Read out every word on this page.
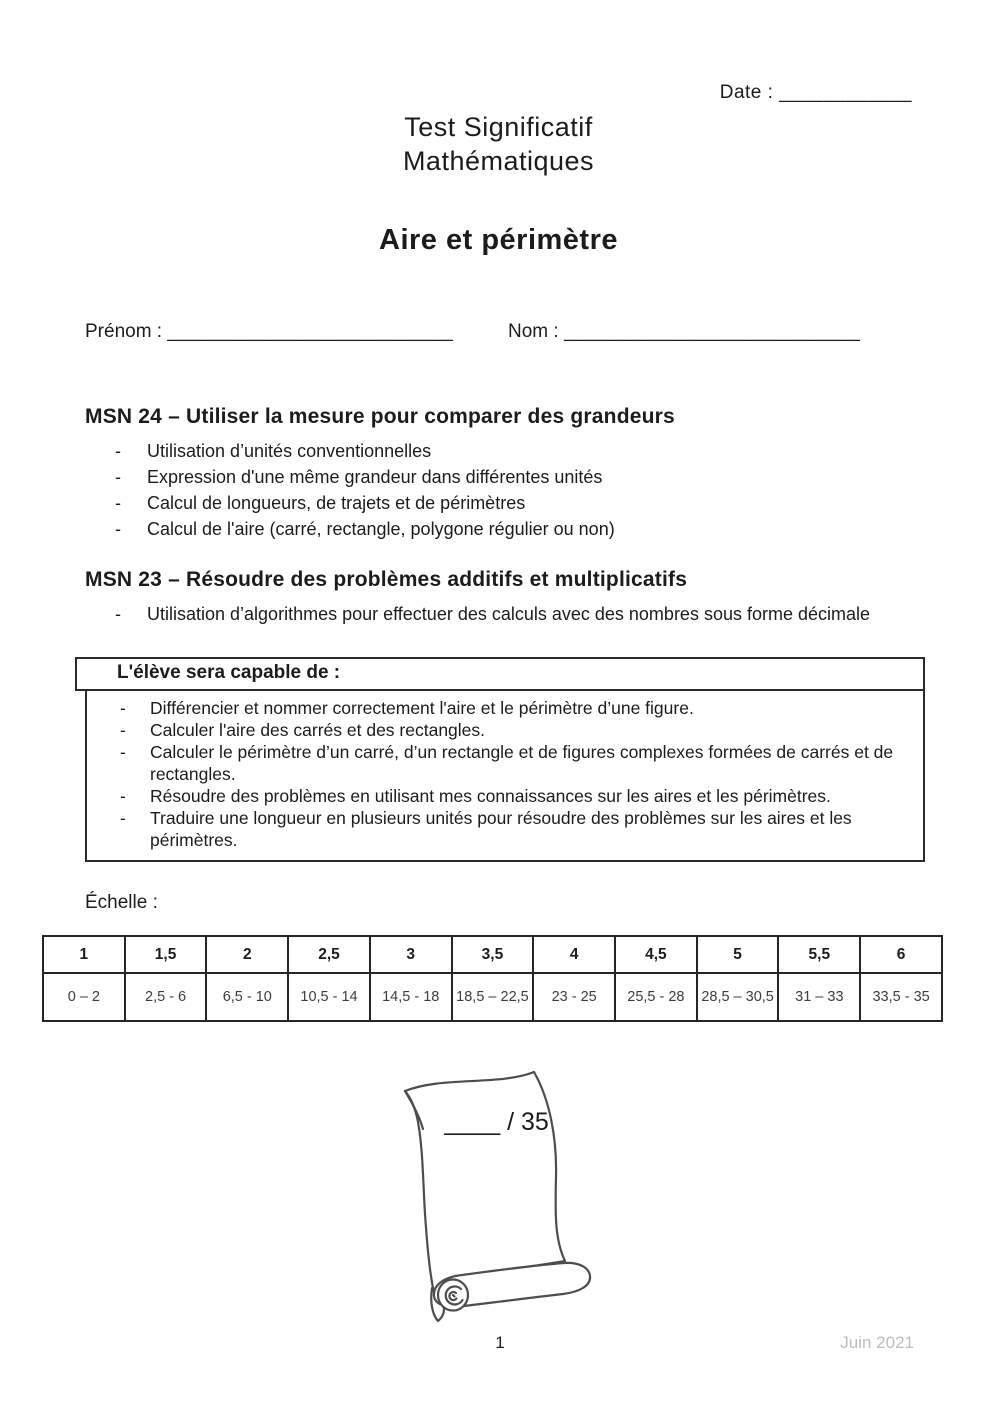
Date : ____________
Test Significatif
Mathématiques
Aire et périmètre
Prénom : ___________________________	Nom : ____________________________
MSN 24 – Utiliser la mesure pour comparer des grandeurs
- Utilisation d’unités conventionnelles
- Expression d'une même grandeur dans différentes unités
- Calcul de longueurs, de trajets et de périmètres
- Calcul de l'aire (carré, rectangle, polygone régulier ou non)
MSN 23 – Résoudre des problèmes additifs et multiplicatifs
- Utilisation d’algorithmes pour effectuer des calculs avec des nombres sous forme décimale
L'élève sera capable de :
- Différencier et nommer correctement l'aire et le périmètre d’une figure.
- Calculer l'aire des carrés et des rectangles.
- Calculer le périmètre d’un carré, d’un rectangle et de figures complexes formées de carrés et de rectangles.
- Résoudre des problèmes en utilisant mes connaissances sur les aires et les périmètres.
- Traduire une longueur en plusieurs unités pour résoudre des problèmes sur les aires et les périmètres.
Échelle :
1	1,5	2	2,5	3	3,5	4	4,5	5	5,5	6
0 – 2	2,5 - 6	6,5 - 10	10,5 - 14	14,5 - 18	18,5 – 22,5	23 - 25	25,5 - 28	28,5 – 30,5	31 – 33	33,5 - 35
____ / 35
1	Juin 2021
